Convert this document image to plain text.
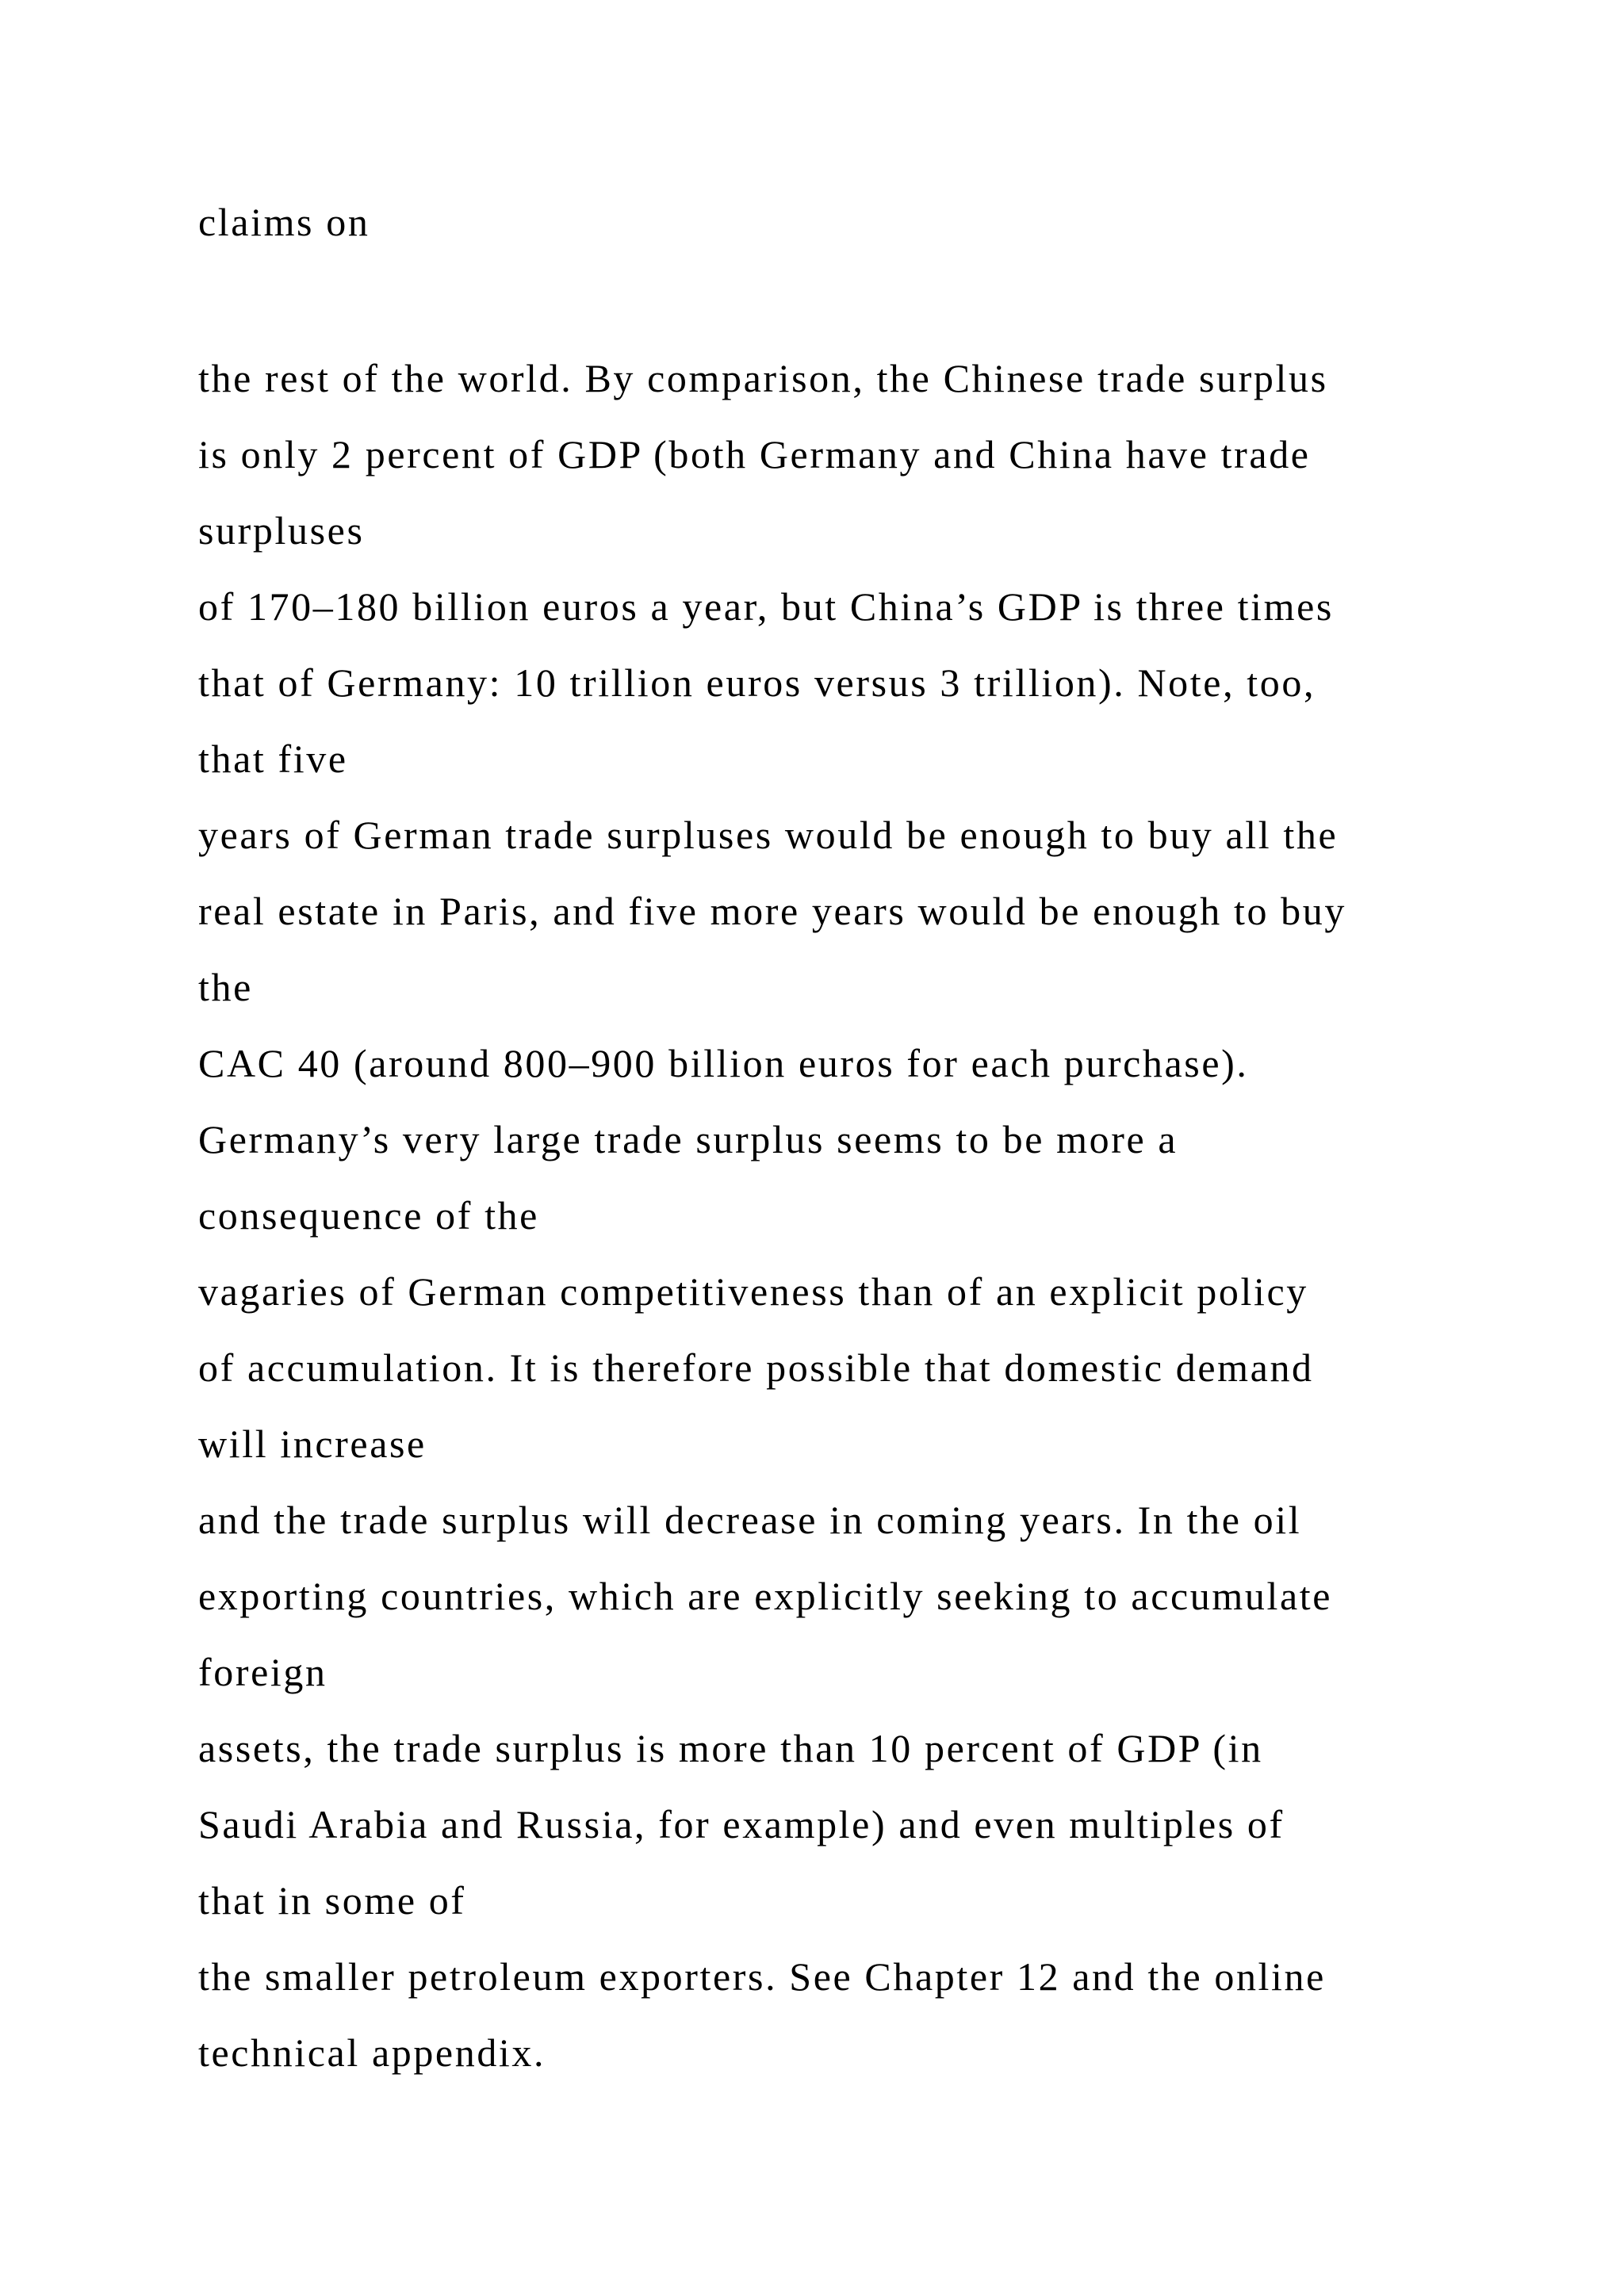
claims on

the rest of the world. By comparison, the Chinese trade surplus

is only 2 percent of GDP (both Germany and China have trade

surpluses

of 170–180 billion euros a year, but China’s GDP is three times

that of Germany: 10 trillion euros versus 3 trillion). Note, too,

that five

years of German trade surpluses would be enough to buy all the

real estate in Paris, and five more years would be enough to buy

the

CAC 40 (around 800–900 billion euros for each purchase).

Germany’s very large trade surplus seems to be more a

consequence of the

vagaries of German competitiveness than of an explicit policy

of accumulation. It is therefore possible that domestic demand

will increase

and the trade surplus will decrease in coming years. In the oil

exporting countries, which are explicitly seeking to accumulate

foreign

assets, the trade surplus is more than 10 percent of GDP (in

Saudi Arabia and Russia, for example) and even multiples of

that in some of

the smaller petroleum exporters. See Chapter 12 and the online

technical appendix.
